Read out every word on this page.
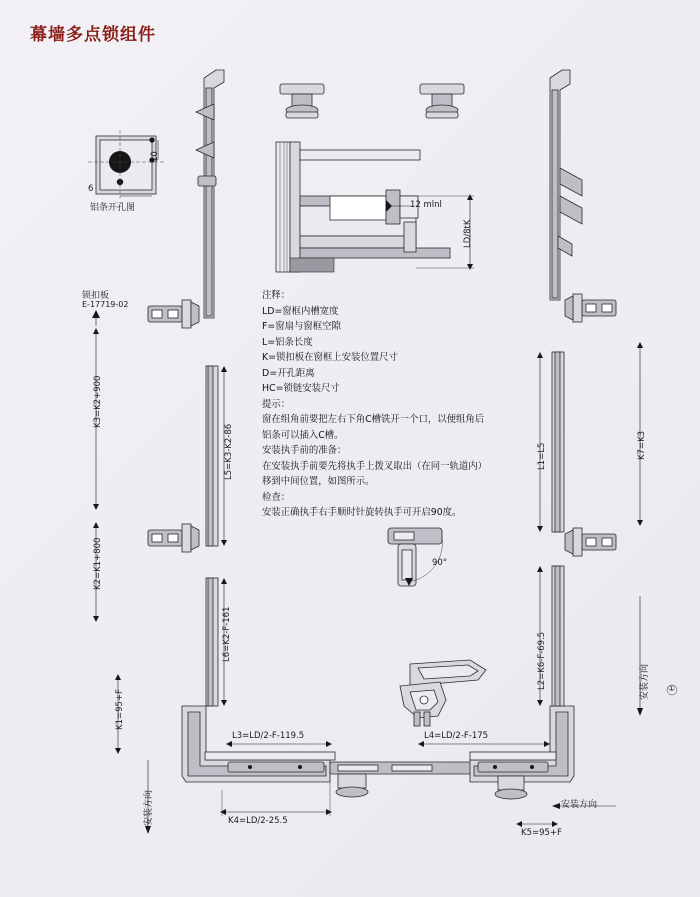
幕墙多点锁组件
6
10
铝条开孔图
锁扣板
E-17719-02
K3=K2+900
L5=K3-K2-86
K2=K1+800
L6=K2-F-161
K1=95+F
安装方向
L3=LD/2-F-119.5
K4=LD/2-25.5
L4=LD/2-F-175
K5=95+F
12 mlnl
LD/8tK
90°
K7=K3
L1=L5
L2=K6-F-69.5	安装方向
安装方向
①
注释：
LD=窗框内槽宽度
F=窗扇与窗框空隙
L=铝条长度
K=锁扣板在窗框上安装位置尺寸
D=开孔距离
HC=锁链安装尺寸
提示：
窗在组角前要把左右下角C槽铣开一个口，以便组角后
铝条可以插入C槽。
安装执手前的准备：
在安装执手前要先将执手上拨叉取出（在同一轨道内）
移到中间位置，如图所示。
检查：
安装正确执手右手顺时针旋转执手可开启90度。
